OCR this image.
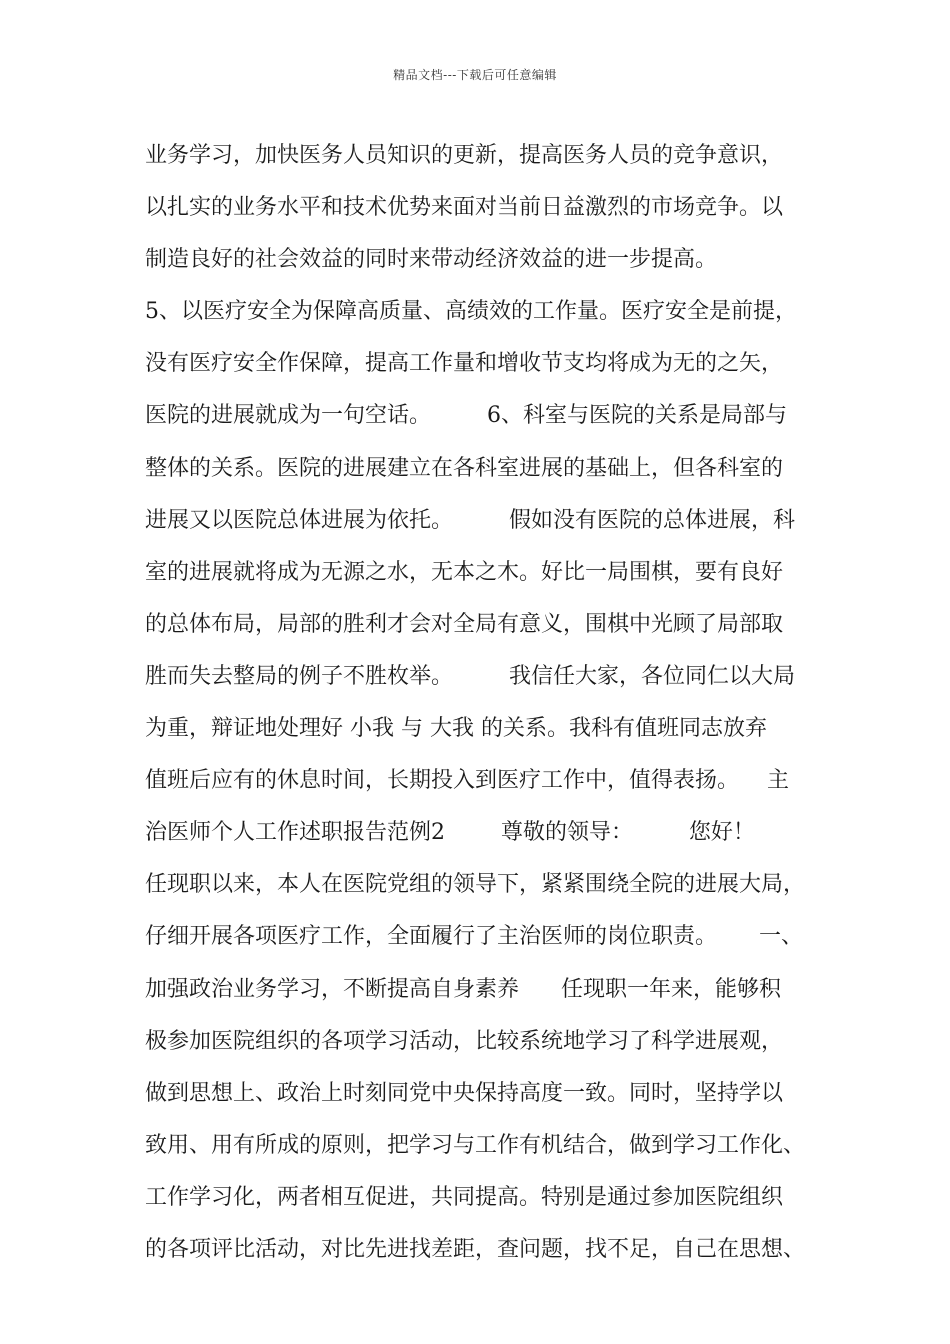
精品文档---下载后可任意编辑
业务学习，加快医务人员知识的更新，提高医务人员的竞争意识，
以扎实的业务水平和技术优势来面对当前日益激烈的市场竞争。以
制造良好的社会效益的同时来带动经济效益的进一步提高。
5、以医疗安全为保障高质量、高绩效的工作量。医疗安全是前提，
没有医疗安全作保障，提高工作量和增收节支均将成为无的之矢，
医院的进展就成为一句空话。        6、科室与医院的关系是局部与
整体的关系。医院的进展建立在各科室进展的基础上，但各科室的
进展又以医院总体进展为依托。        假如没有医院的总体进展，科
室的进展就将成为无源之水，无本之木。好比一局围棋，要有良好
的总体布局，局部的胜利才会对全局有意义，围棋中光顾了局部取
胜而失去整局的例子不胜枚举。        我信任大家，各位同仁以大局
为重，辩证地处理好 小我 与 大我 的关系。我科有值班同志放弃
值班后应有的休息时间，长期投入到医疗工作中，值得表扬。    主
治医师个人工作述职报告范例2        尊敬的领导：        您好！
任现职以来，本人在医院党组的领导下，紧紧围绕全院的进展大局，
仔细开展各项医疗工作，全面履行了主治医师的岗位职责。      一、
加强政治业务学习，不断提高自身素养      任现职一年来，能够积
极参加医院组织的各项学习活动，比较系统地学习了科学进展观，
做到思想上、政治上时刻同党中央保持高度一致。同时，坚持学以
致用、用有所成的原则，把学习与工作有机结合，做到学习工作化、
工作学习化，两者相互促进，共同提高。特别是通过参加医院组织
的各项评比活动，对比先进找差距，查问题，找不足，自己在思想、
